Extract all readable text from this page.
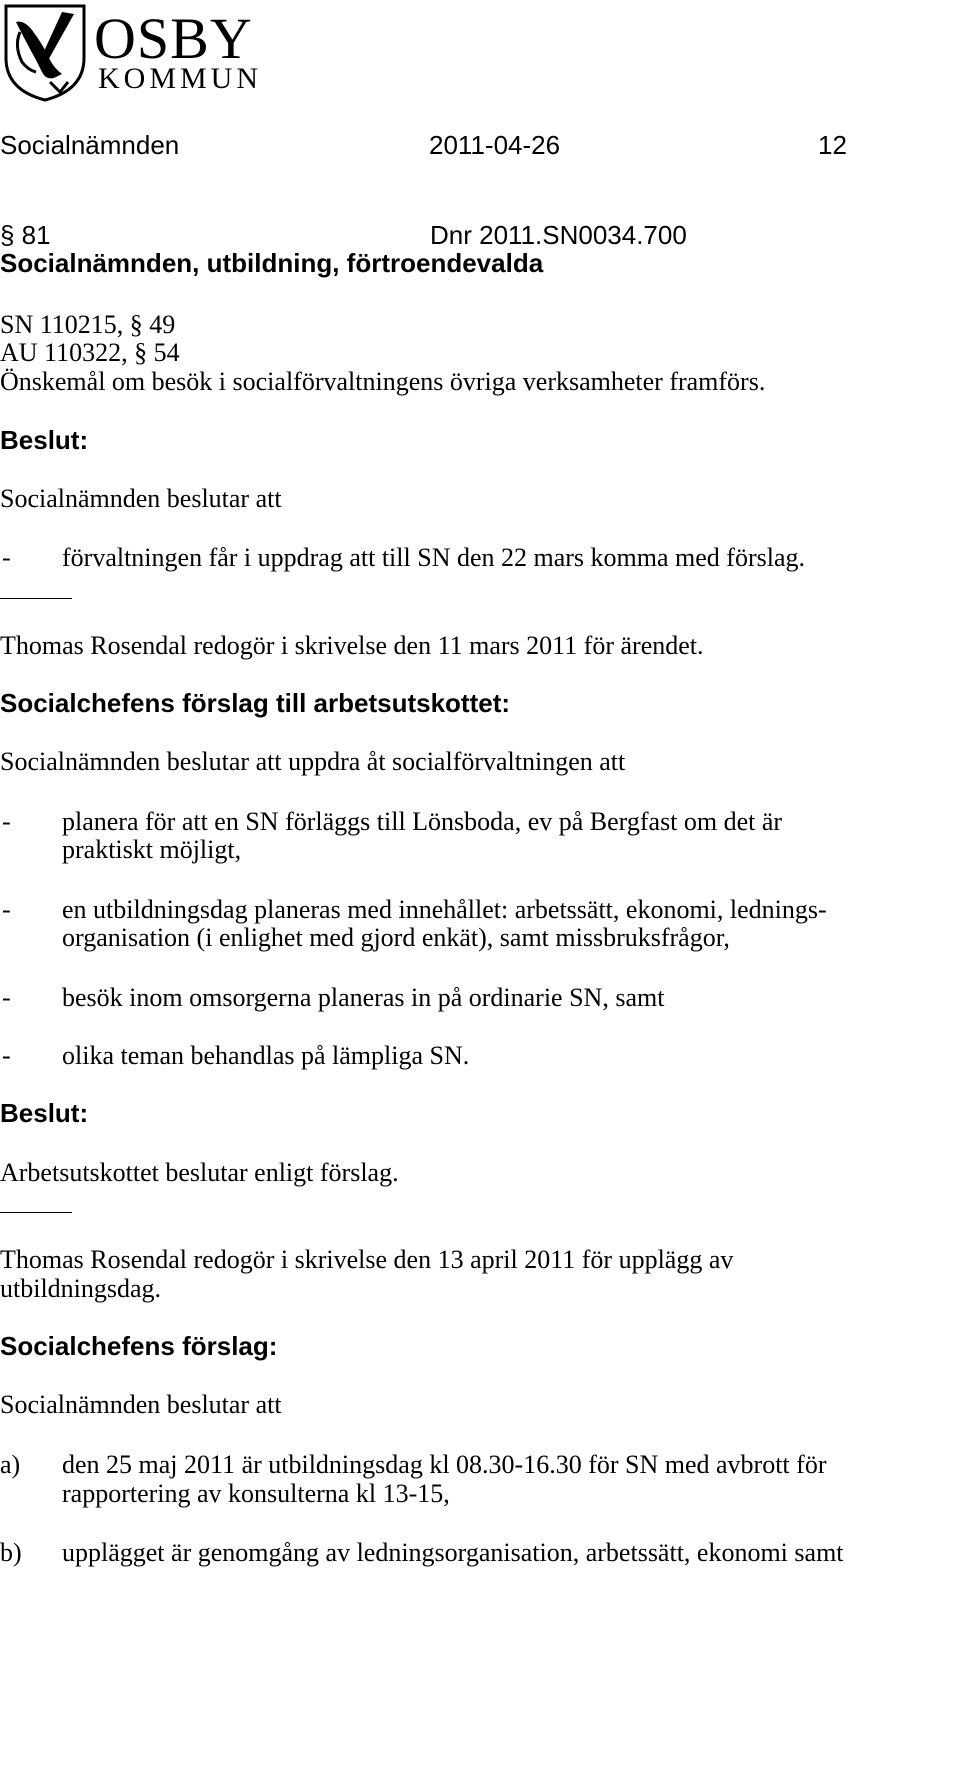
OSBY
KOMMUN
Socialnämnden	2011-04-26	12
§ 81	Dnr 2011.SN0034.700
Socialnämnden, utbildning, förtroendevalda
SN 110215, § 49
AU 110322, § 54
Önskemål om besök i socialförvaltningens övriga verksamheter framförs.
Beslut:
Socialnämnden beslutar att
- förvaltningen får i uppdrag att till SN den 22 mars komma med förslag.
Thomas Rosendal redogör i skrivelse den 11 mars 2011 för ärendet.
Socialchefens förslag till arbetsutskottet:
Socialnämnden beslutar att uppdra åt socialförvaltningen att
- planera för att en SN förläggs till Lönsboda, ev på Bergfast om det är
praktiskt möjligt,
- en utbildningsdag planeras med innehållet: arbetssätt, ekonomi, lednings-
organisation (i enlighet med gjord enkät), samt missbruksfrågor,
- besök inom omsorgerna planeras in på ordinarie SN, samt
- olika teman behandlas på lämpliga SN.
Beslut:
Arbetsutskottet beslutar enligt förslag.
Thomas Rosendal redogör i skrivelse den 13 april 2011 för upplägg av
utbildningsdag.
Socialchefens förslag:
Socialnämnden beslutar att
a) den 25 maj 2011 är utbildningsdag kl 08.30-16.30 för SN med avbrott för
rapportering av konsulterna kl 13-15,
b) upplägget är genomgång av ledningsorganisation, arbetssätt, ekonomi samt
